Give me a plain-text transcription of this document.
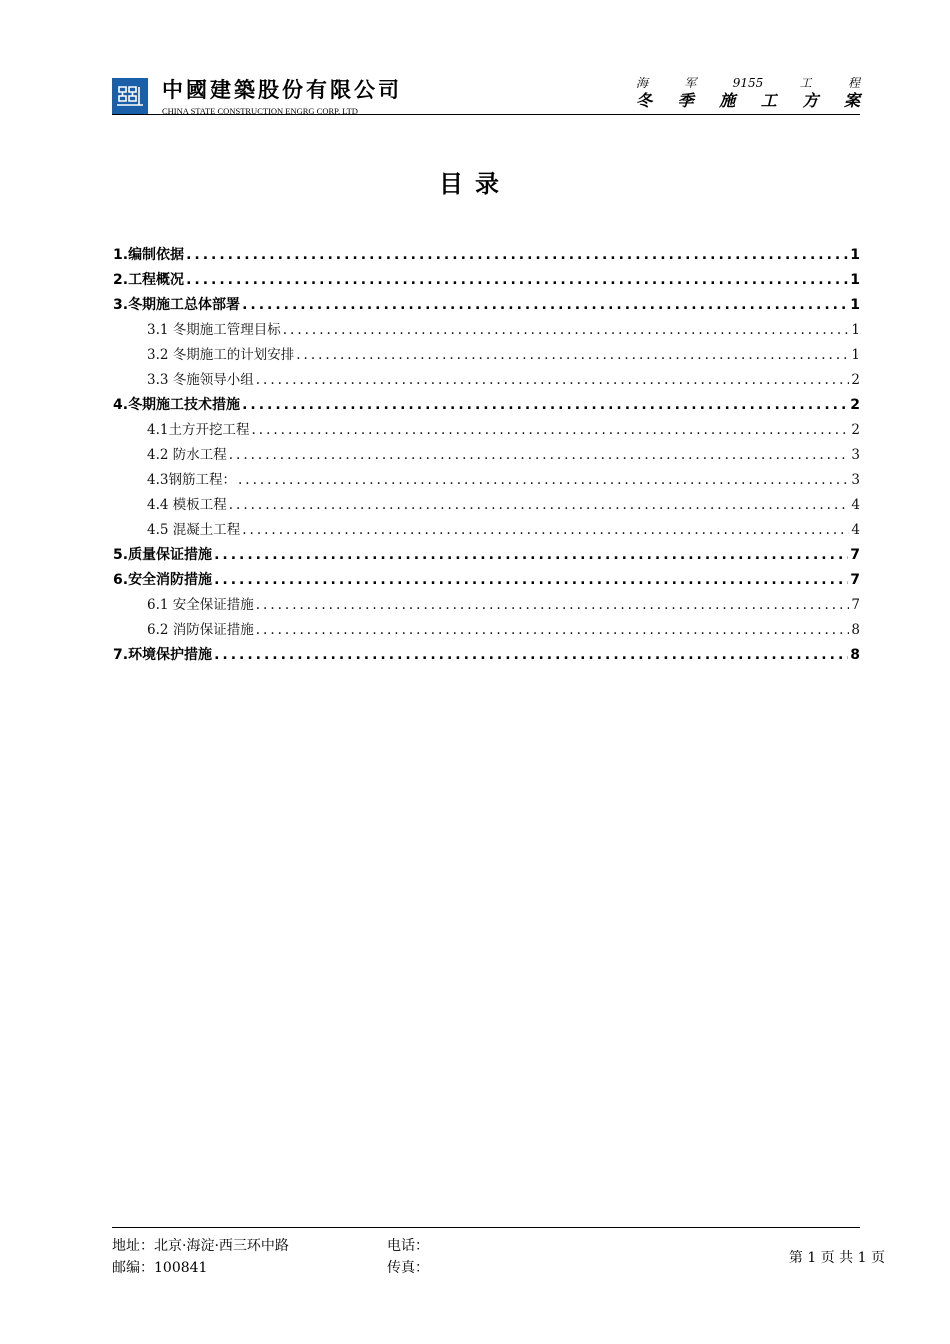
中國建築股份有限公司
CHINA STATE CONSTRUCTION ENGRG CORP. LTD
海	军	9155	工	程
冬 季 施 工 方 案
目录
1. 编制依据 .....	1
2. 工程概况 .....	1
3. 冬期施工总体部署 .....	1
3.1 冬期施工管理目标 .....	1
3.2 冬期施工的计划安排 .....	1
3.3 冬施领导小组 .....	2
4. 冬期施工技术措施 .....	2
4.1土方开挖工程 .....	2
4.2 防水工程 .....	3
4.3钢筋工程： .....	3
4.4 模板工程 .....	4
4.5 混凝土工程 .....	4
5. 质量保证措施 .....	7
6. 安全消防措施 .....	7
6.1 安全保证措施 .....	7
6.2 消防保证措施 .....	8
7. 环境保护措施 .....	8
地址：北京·海淀·西三环中路
邮编：100841
电话：
传真：
第 1 页 共 1 页
